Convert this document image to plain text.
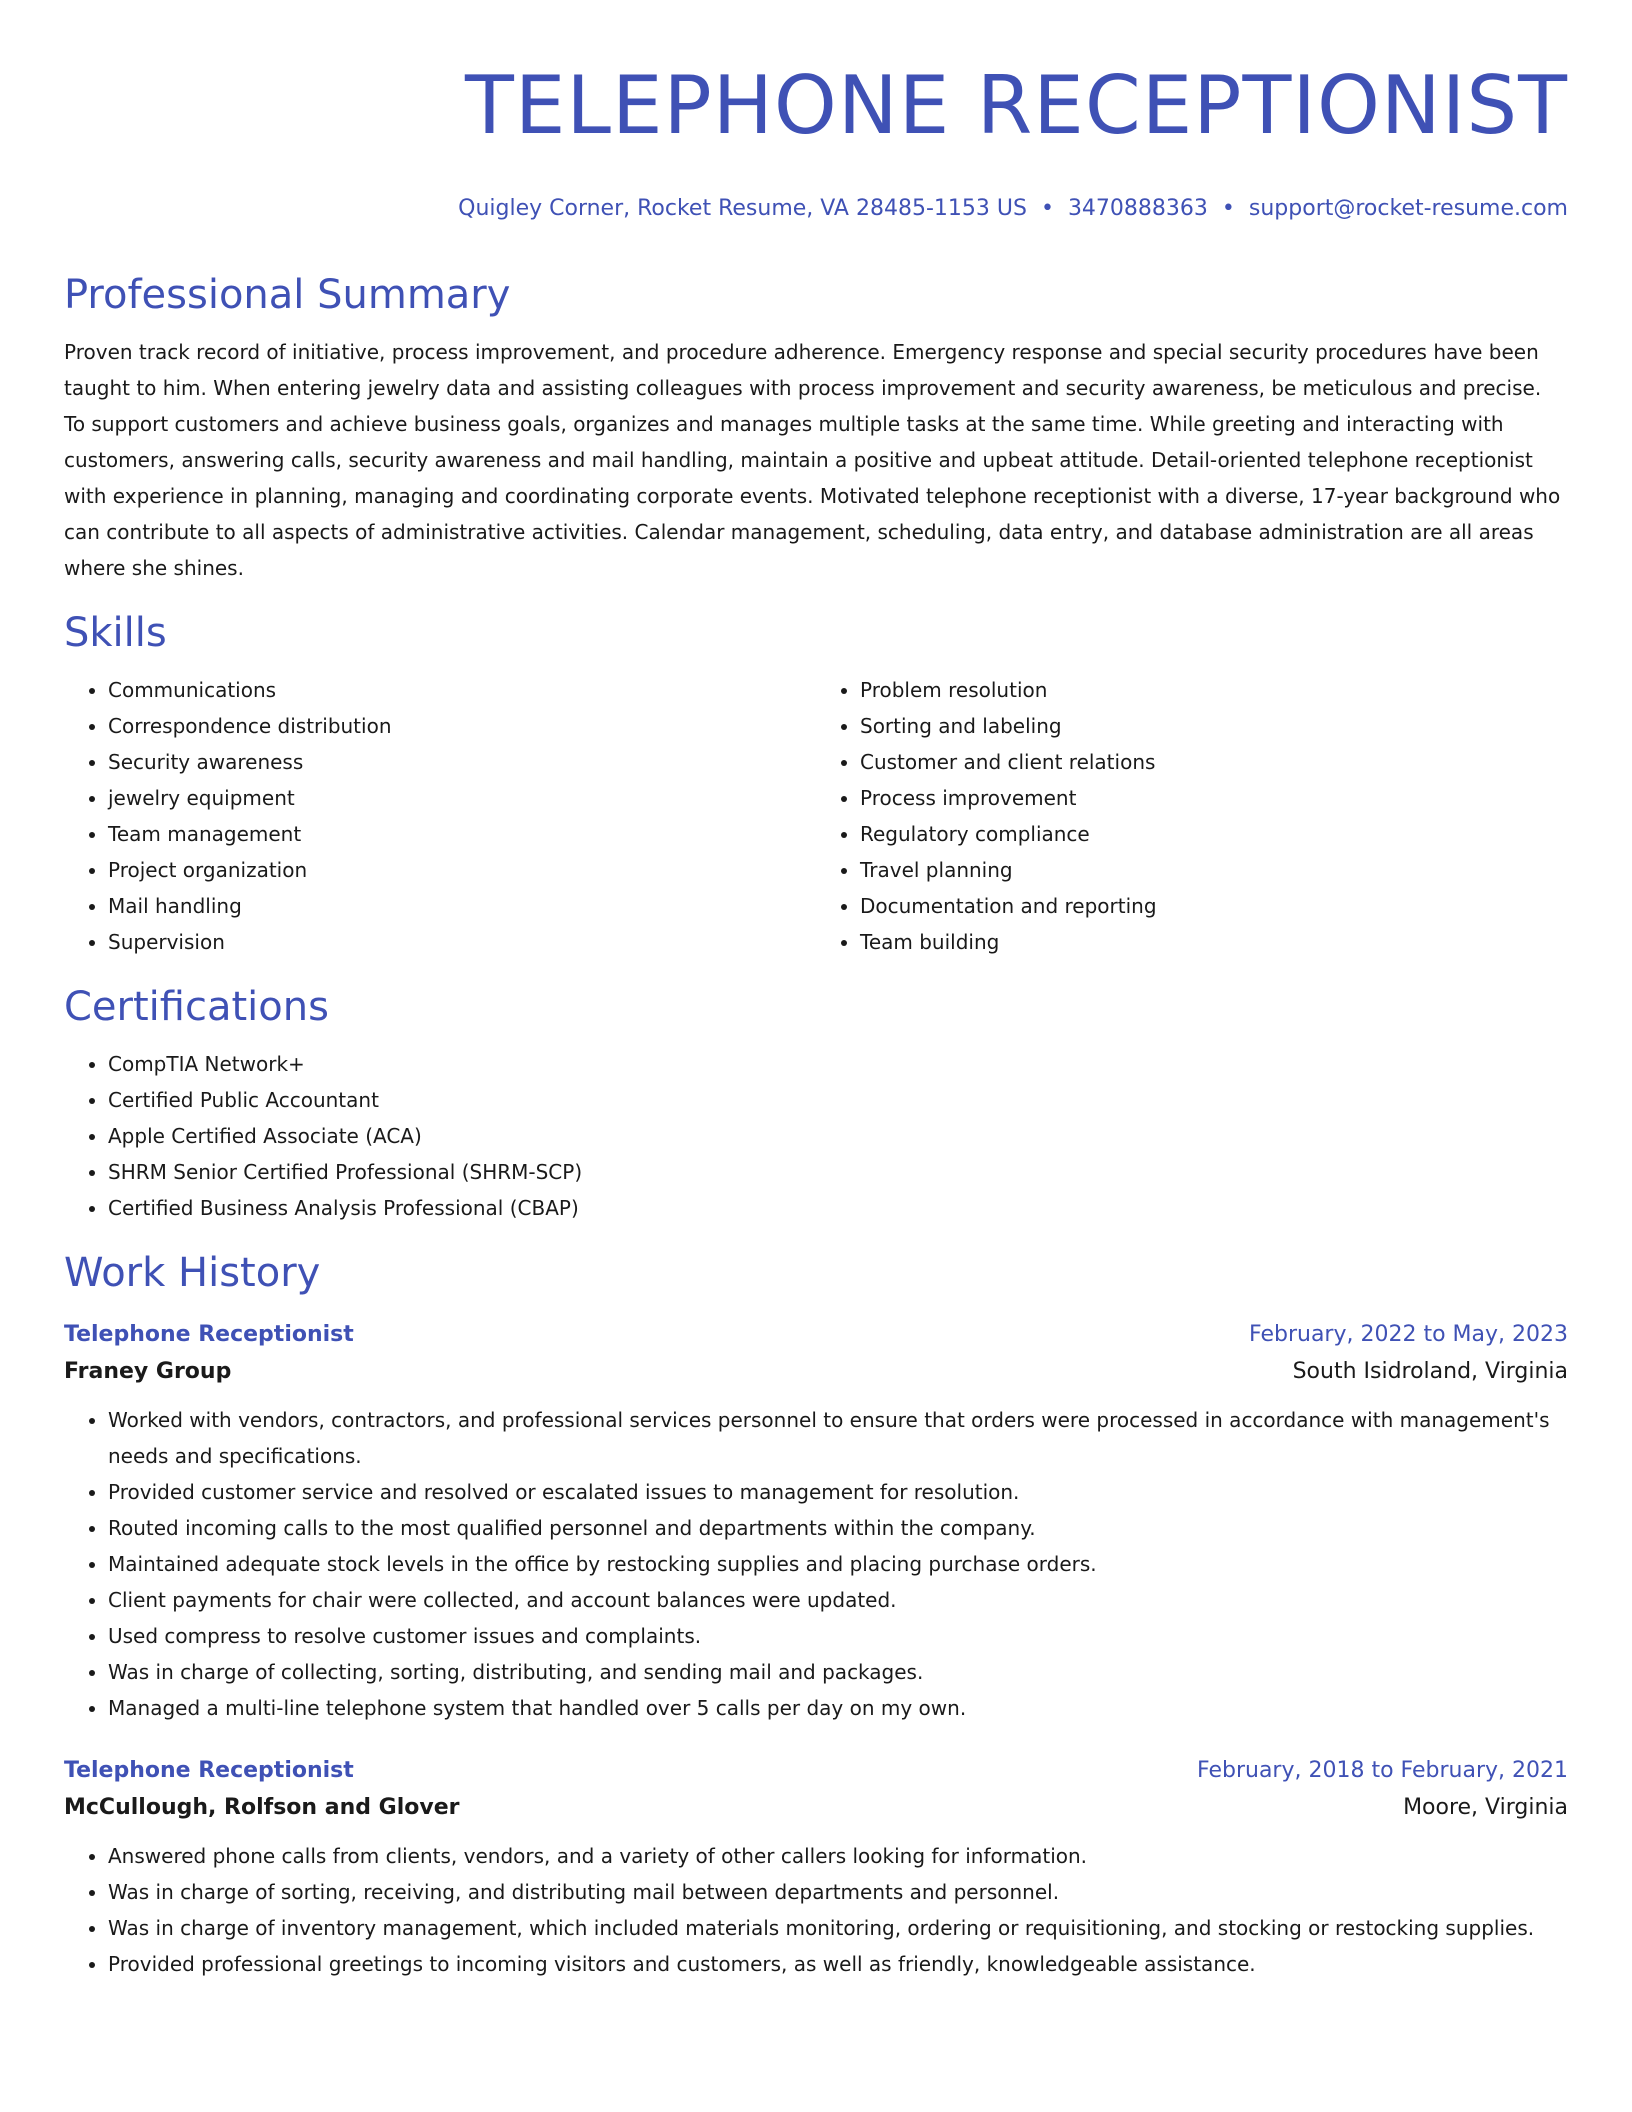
TELEPHONE RECEPTIONIST
Quigley Corner, Rocket Resume, VA 28485-1153 US • 3470888363 • support@rocket-resume.com
Professional Summary

Proven track record of initiative, process improvement, and procedure adherence. Emergency response and special security procedures have been taught to him. When entering jewelry data and assisting colleagues with process improvement and security awareness, be meticulous and precise. To support customers and achieve business goals, organizes and manages multiple tasks at the same time. While greeting and interacting with customers, answering calls, security awareness and mail handling, maintain a positive and upbeat attitude. Detail-oriented telephone receptionist with experience in planning, managing and coordinating corporate events. Motivated telephone receptionist with a diverse, 17-year background who can contribute to all aspects of administrative activities. Calendar management, scheduling, data entry, and database administration are all areas where she shines.

Skills
• Communications
• Correspondence distribution
• Security awareness
• jewelry equipment
• Team management
• Project organization
• Mail handling
• Supervision
• Problem resolution
• Sorting and labeling
• Customer and client relations
• Process improvement
• Regulatory compliance
• Travel planning
• Documentation and reporting
• Team building
Certifications
• CompTIA Network+
• Certified Public Accountant
• Apple Certified Associate (ACA)
• SHRM Senior Certified Professional (SHRM-SCP)
• Certified Business Analysis Professional (CBAP)
Work History
Telephone Receptionist	February, 2022 to May, 2023
Franey Group	South Isidroland, Virginia
• Worked with vendors, contractors, and professional services personnel to ensure that orders were processed in accordance with management's needs and specifications.
• Provided customer service and resolved or escalated issues to management for resolution.
• Routed incoming calls to the most qualified personnel and departments within the company.
• Maintained adequate stock levels in the office by restocking supplies and placing purchase orders.
• Client payments for chair were collected, and account balances were updated.
• Used compress to resolve customer issues and complaints.
• Was in charge of collecting, sorting, distributing, and sending mail and packages.
• Managed a multi-line telephone system that handled over 5 calls per day on my own.
Telephone Receptionist	February, 2018 to February, 2021
McCullough, Rolfson and Glover	Moore, Virginia
• Answered phone calls from clients, vendors, and a variety of other callers looking for information.
• Was in charge of sorting, receiving, and distributing mail between departments and personnel.
• Was in charge of inventory management, which included materials monitoring, ordering or requisitioning, and stocking or restocking supplies.
• Provided professional greetings to incoming visitors and customers, as well as friendly, knowledgeable assistance.
